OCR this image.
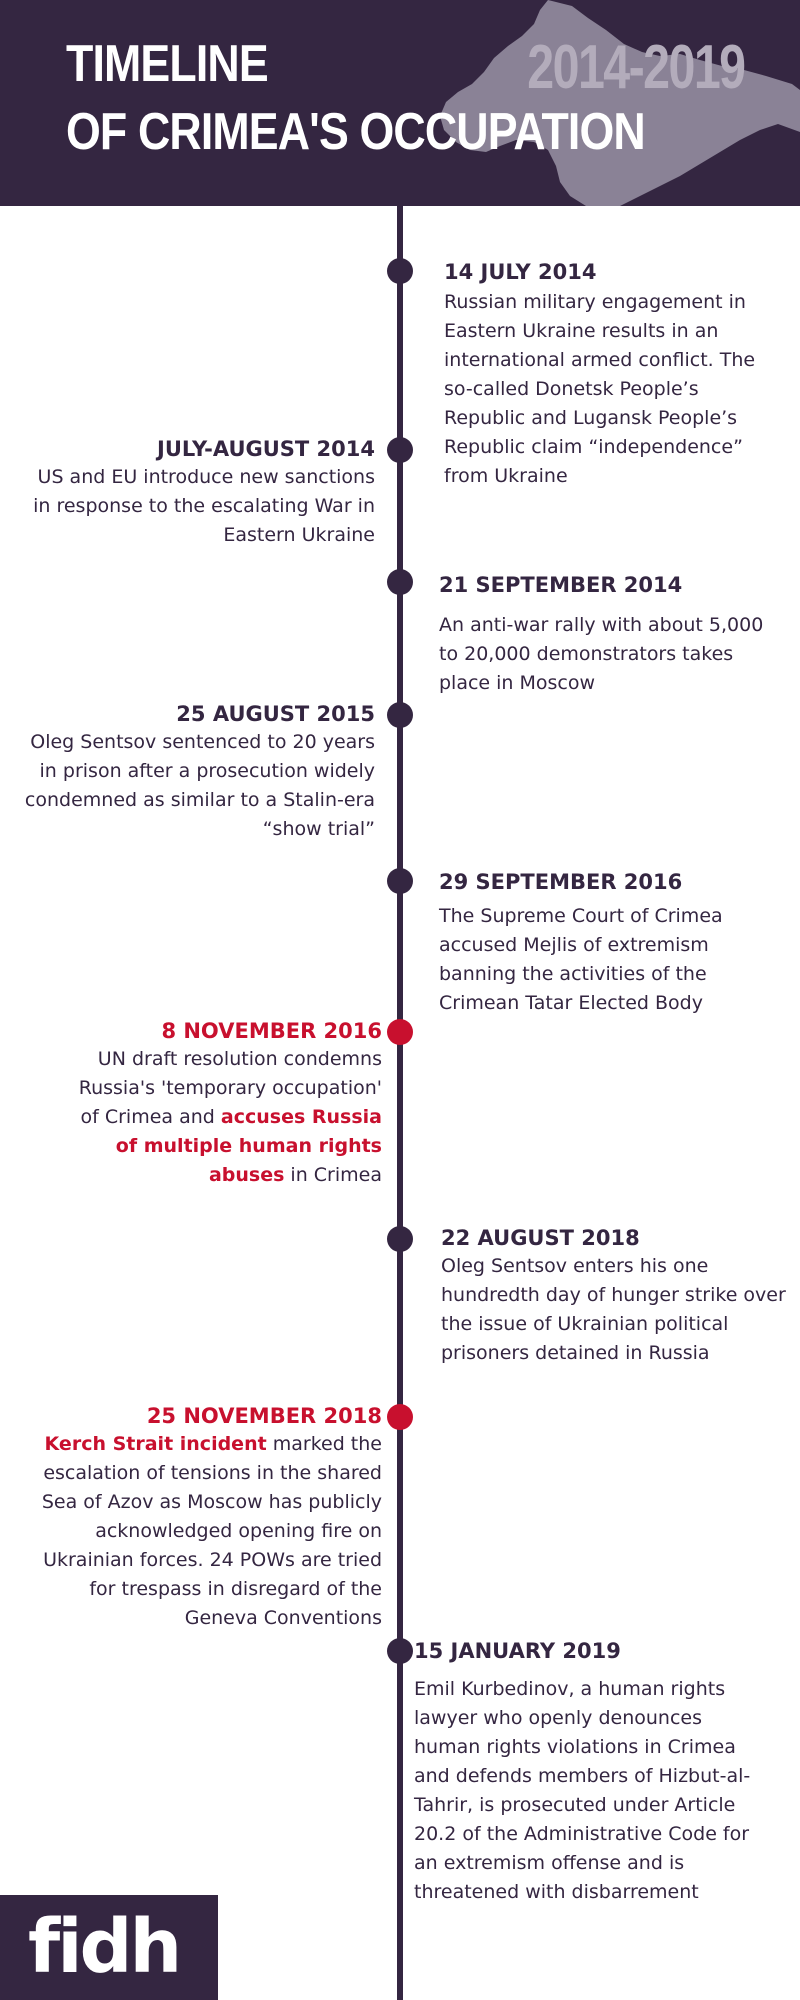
TIMELINE
OF CRIMEA'S OCCUPATION
2014-2019
14 JULY 2014
Russian military engagement in Eastern Ukraine results in an international armed conflict. The so-called Donetsk People’s Republic and Lugansk People’s Republic claim “independence” from Ukraine
JULY-AUGUST 2014
US and EU introduce new sanctions in response to the escalating War in Eastern Ukraine
21 SEPTEMBER 2014
An anti-war rally with about 5,000 to 20,000 demonstrators takes place in Moscow
25 AUGUST 2015
Oleg Sentsov sentenced to 20 years in prison after a prosecution widely condemned as similar to a Stalin-era “show trial”
29 SEPTEMBER 2016
The Supreme Court of Crimea accused Mejlis of extremism banning the activities of the Crimean Tatar Elected Body
8 NOVEMBER 2016
UN draft resolution condemns Russia's 'temporary occupation' of Crimea and accuses Russia of multiple human rights abuses in Crimea
22 AUGUST 2018
Oleg Sentsov enters his one hundredth day of hunger strike over the issue of Ukrainian political prisoners detained in Russia
25 NOVEMBER 2018
Kerch Strait incident marked the escalation of tensions in the shared Sea of Azov as Moscow has publicly acknowledged opening fire on Ukrainian forces. 24 POWs are tried for trespass in disregard of the Geneva Conventions
15 JANUARY 2019
Emil Kurbedinov, a human rights lawyer who openly denounces human rights violations in Crimea and defends members of Hizbut-al-Tahrir, is prosecuted under Article 20.2 of the Administrative Code for an extremism offense and is threatened with disbarrement
fidh
